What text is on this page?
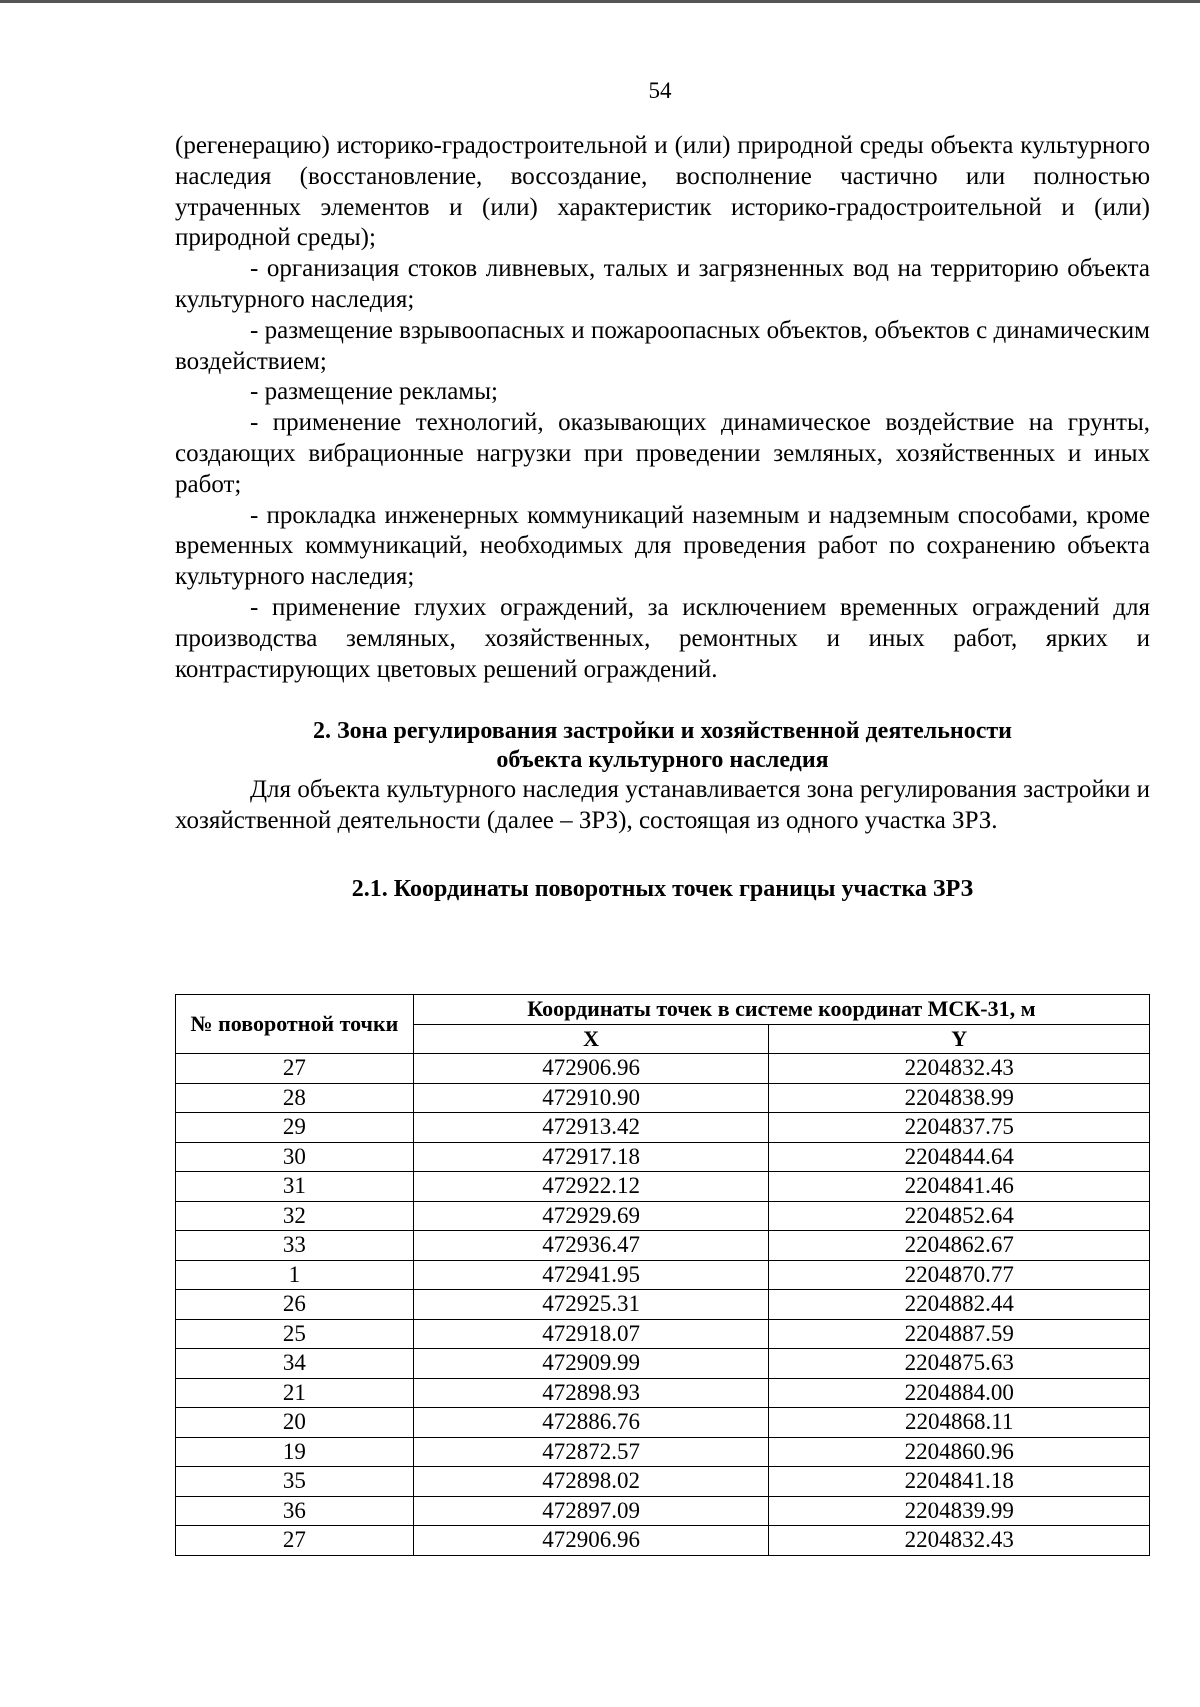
54

(регенерацию) историко-градостроительной и (или) природной среды объекта культурного наследия (восстановление, воссоздание, восполнение частично или полностью утраченных элементов и (или) характеристик историко-градостроительной и (или) природной среды);

- организация стоков ливневых, талых и загрязненных вод на территорию объекта культурного наследия;

- размещение взрывоопасных и пожароопасных объектов, объектов с динамическим воздействием;

- размещение рекламы;

- применение технологий, оказывающих динамическое воздействие на грунты, создающих вибрационные нагрузки при проведении земляных, хозяйственных и иных работ;

- прокладка инженерных коммуникаций наземным и надземным способами, кроме временных коммуникаций, необходимых для проведения работ по сохранению объекта культурного наследия;

- применение глухих ограждений, за исключением временных ограждений для производства земляных, хозяйственных, ремонтных и иных работ, ярких и контрастирующих цветовых решений ограждений.

2. Зона регулирования застройки и хозяйственной деятельности
объекта культурного наследия

Для объекта культурного наследия устанавливается зона регулирования застройки и хозяйственной деятельности (далее – ЗРЗ), состоящая из одного участка ЗРЗ.

2.1. Координаты поворотных точек границы участка ЗРЗ
№ поворотной точки	Координаты точек в системе координат МСК-31, м	
	X	Y
27	472906.96	2204832.43
28	472910.90	2204838.99
29	472913.42	2204837.75
30	472917.18	2204844.64
31	472922.12	2204841.46
32	472929.69	2204852.64
33	472936.47	2204862.67
1	472941.95	2204870.77
26	472925.31	2204882.44
25	472918.07	2204887.59
34	472909.99	2204875.63
21	472898.93	2204884.00
20	472886.76	2204868.11
19	472872.57	2204860.96
35	472898.02	2204841.18
36	472897.09	2204839.99
27	472906.96	2204832.43
